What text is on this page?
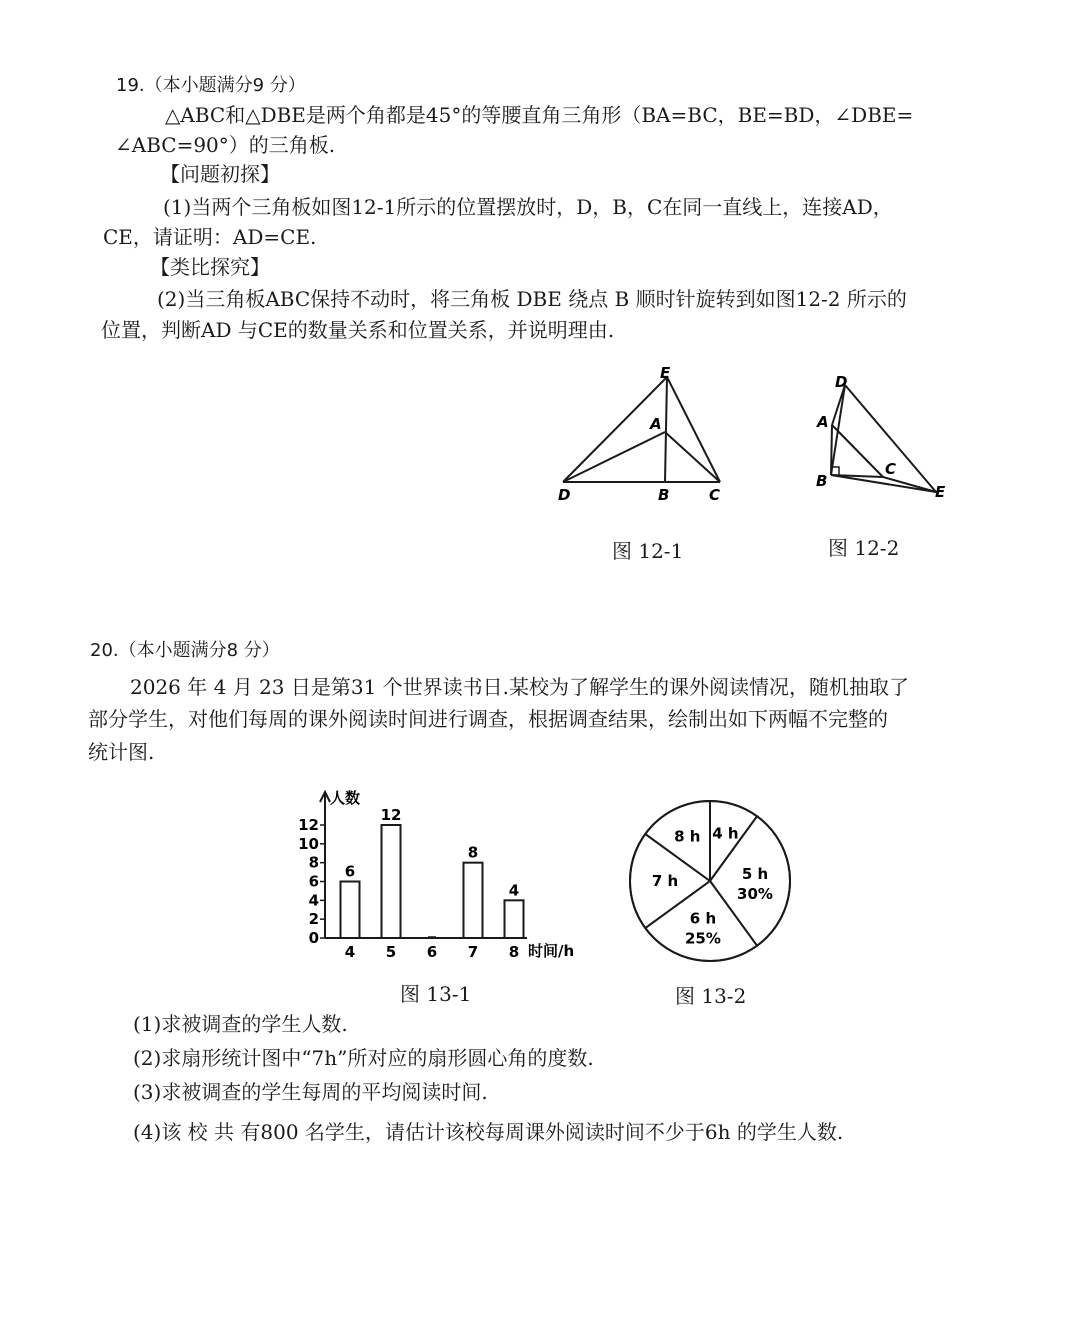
19.（本小题满分9 分）
△ABC和△DBE是两个角都是45°的等腰直角三角形（BA=BC，BE=BD，∠DBE=
∠ABC=90°）的三角板.
【问题初探】
(1)当两个三角板如图12-1所示的位置摆放时，D，B，C在同一直线上，连接AD，
CE，请证明：AD=CE.
【类比探究】
(2)当三角板ABC保持不动时，将三角板 DBE 绕点 B 顺时针旋转到如图12-2 所示的
位置，判断AD 与CE的数量关系和位置关系，并说明理由.
E
A
D	B	C
图 12-1
D
A
B
C
E
图 12-2
20.（本小题满分8 分）
2026 年 4 月 23 日是第31 个世界读书日.某校为了解学生的课外阅读情况，随机抽取了
部分学生，对他们每周的课外阅读时间进行调查，根据调查结果，绘制出如下两幅不完整的
统计图.
人数
时间/h
0
2
4
6
8
10
12
4
6
5
12
6 7
8
8
4
图 13-1
4 h
5 h
30%
6 h
25%
7 h
8 h
图 13-2
(1)求被调查的学生人数.
(2)求扇形统计图中“7h”所对应的扇形圆心角的度数.
(3)求被调查的学生每周的平均阅读时间.
(4)该 校 共 有800 名学生，请估计该校每周课外阅读时间不少于6h 的学生人数.
